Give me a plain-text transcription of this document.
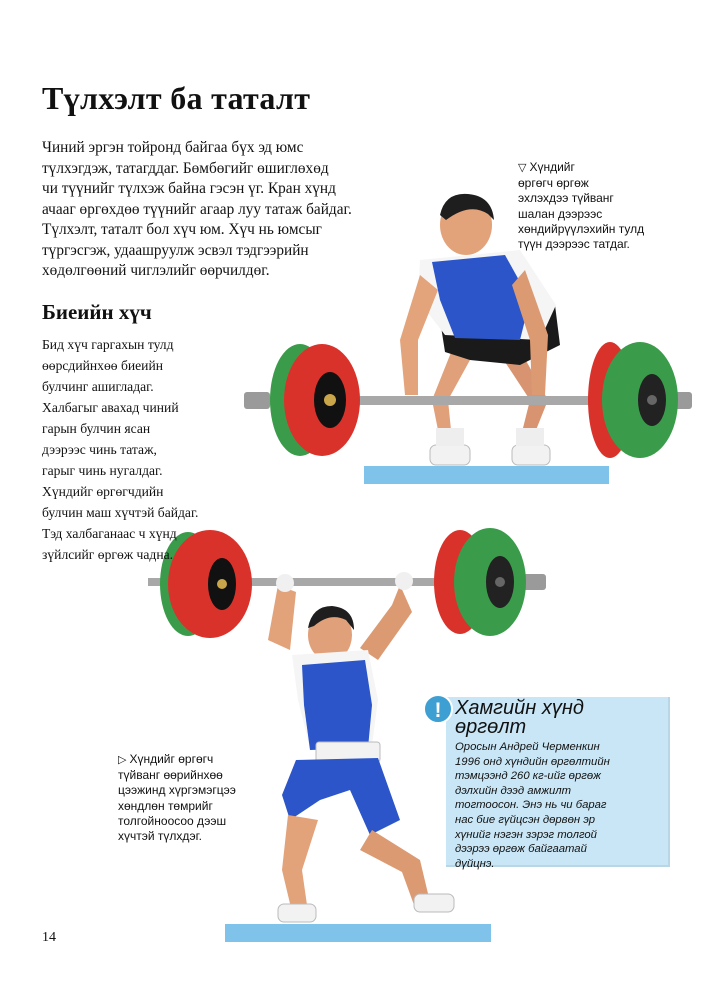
Түлхэлт ба таталт
Чиний эргэн тойронд байгаа бүх эд юмс
түлхэгдэж, татагддаг. Бөмбөгийг өшиглөхөд
чи түүнийг түлхэж байна гэсэн үг. Кран хүнд
ачааг өргөхдөө түүнийг агаар луу татаж байдаг.
Түлхэлт, таталт бол хүч юм. Хүч нь юмсыг
түргэсгэж, удаашруулж эсвэл тэдгээрийн
хөдөлгөөний чиглэлийг өөрчилдөг.
Биеийн хүч
Бид хүч гаргахын тулд
өөрсдийнхөө биеийн
булчинг ашигладаг.
Халбагыг авахад чиний
гарын булчин ясан
дээрээс чинь татаж,
гарыг чинь нугалдаг.
Хүндийг өргөгчдийн
булчин маш хүчтэй байдаг.
Тэд халбаганаас ч хүнд
зүйлсийг өргөж чадна.
▽ Хүндийг
өргөгч өргөж
эхлэхдээ түйванг
шалан дээрээс
хөндийрүүлэхийн тулд
түүн дээрээс татдаг.
▷ Хүндийг өргөгч
түйванг өөрийнхөө
цээжинд хүргэмэгцээ
хөндлөн төмрийг
толгойноосоо дээш
хүчтэй түлхдэг.
! Хамгийн хүнд
өргөлт
Оросын Андрей Черменкин
1996 онд хүндийн өргөлтийн
тэмцээнд 260 кг-ийг өргөж
дэлхийн дээд амжилт
тогтоосон. Энэ нь чи бараг
нас бие гүйцсэн дөрвөн эр
хүнийг нэгэн зэрэг толгой
дээрээ өргөж байгаатай
дүйцнэ.
14
